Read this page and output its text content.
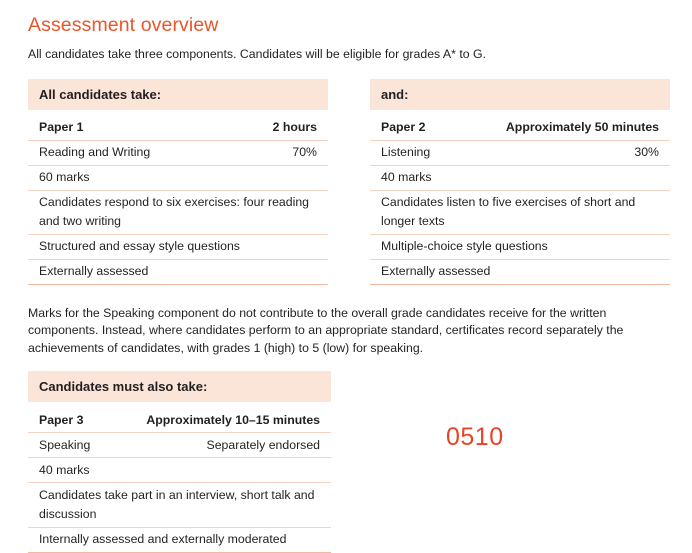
Assessment overview

All candidates take three components. Candidates will be eligible for grades A* to G.

All candidates take:
Paper 1	2 hours
Reading and Writing	70%
60 marks
Candidates respond to six exercises: four reading and two writing
Structured and essay style questions
Externally assessed
and:
Paper 2	Approximately 50 minutes
Listening	30%
40 marks
Candidates listen to five exercises of short and longer texts
Multiple-choice style questions
Externally assessed

Marks for the Speaking component do not contribute to the overall grade candidates receive for the written components. Instead, where candidates perform to an appropriate standard, certificates record separately the achievements of candidates, with grades 1 (high) to 5 (low) for speaking.

Candidates must also take:
Paper 3	Approximately 10–15 minutes
Speaking	Separately endorsed
40 marks
Candidates take part in an interview, short talk and discussion
Internally assessed and externally moderated
0510
